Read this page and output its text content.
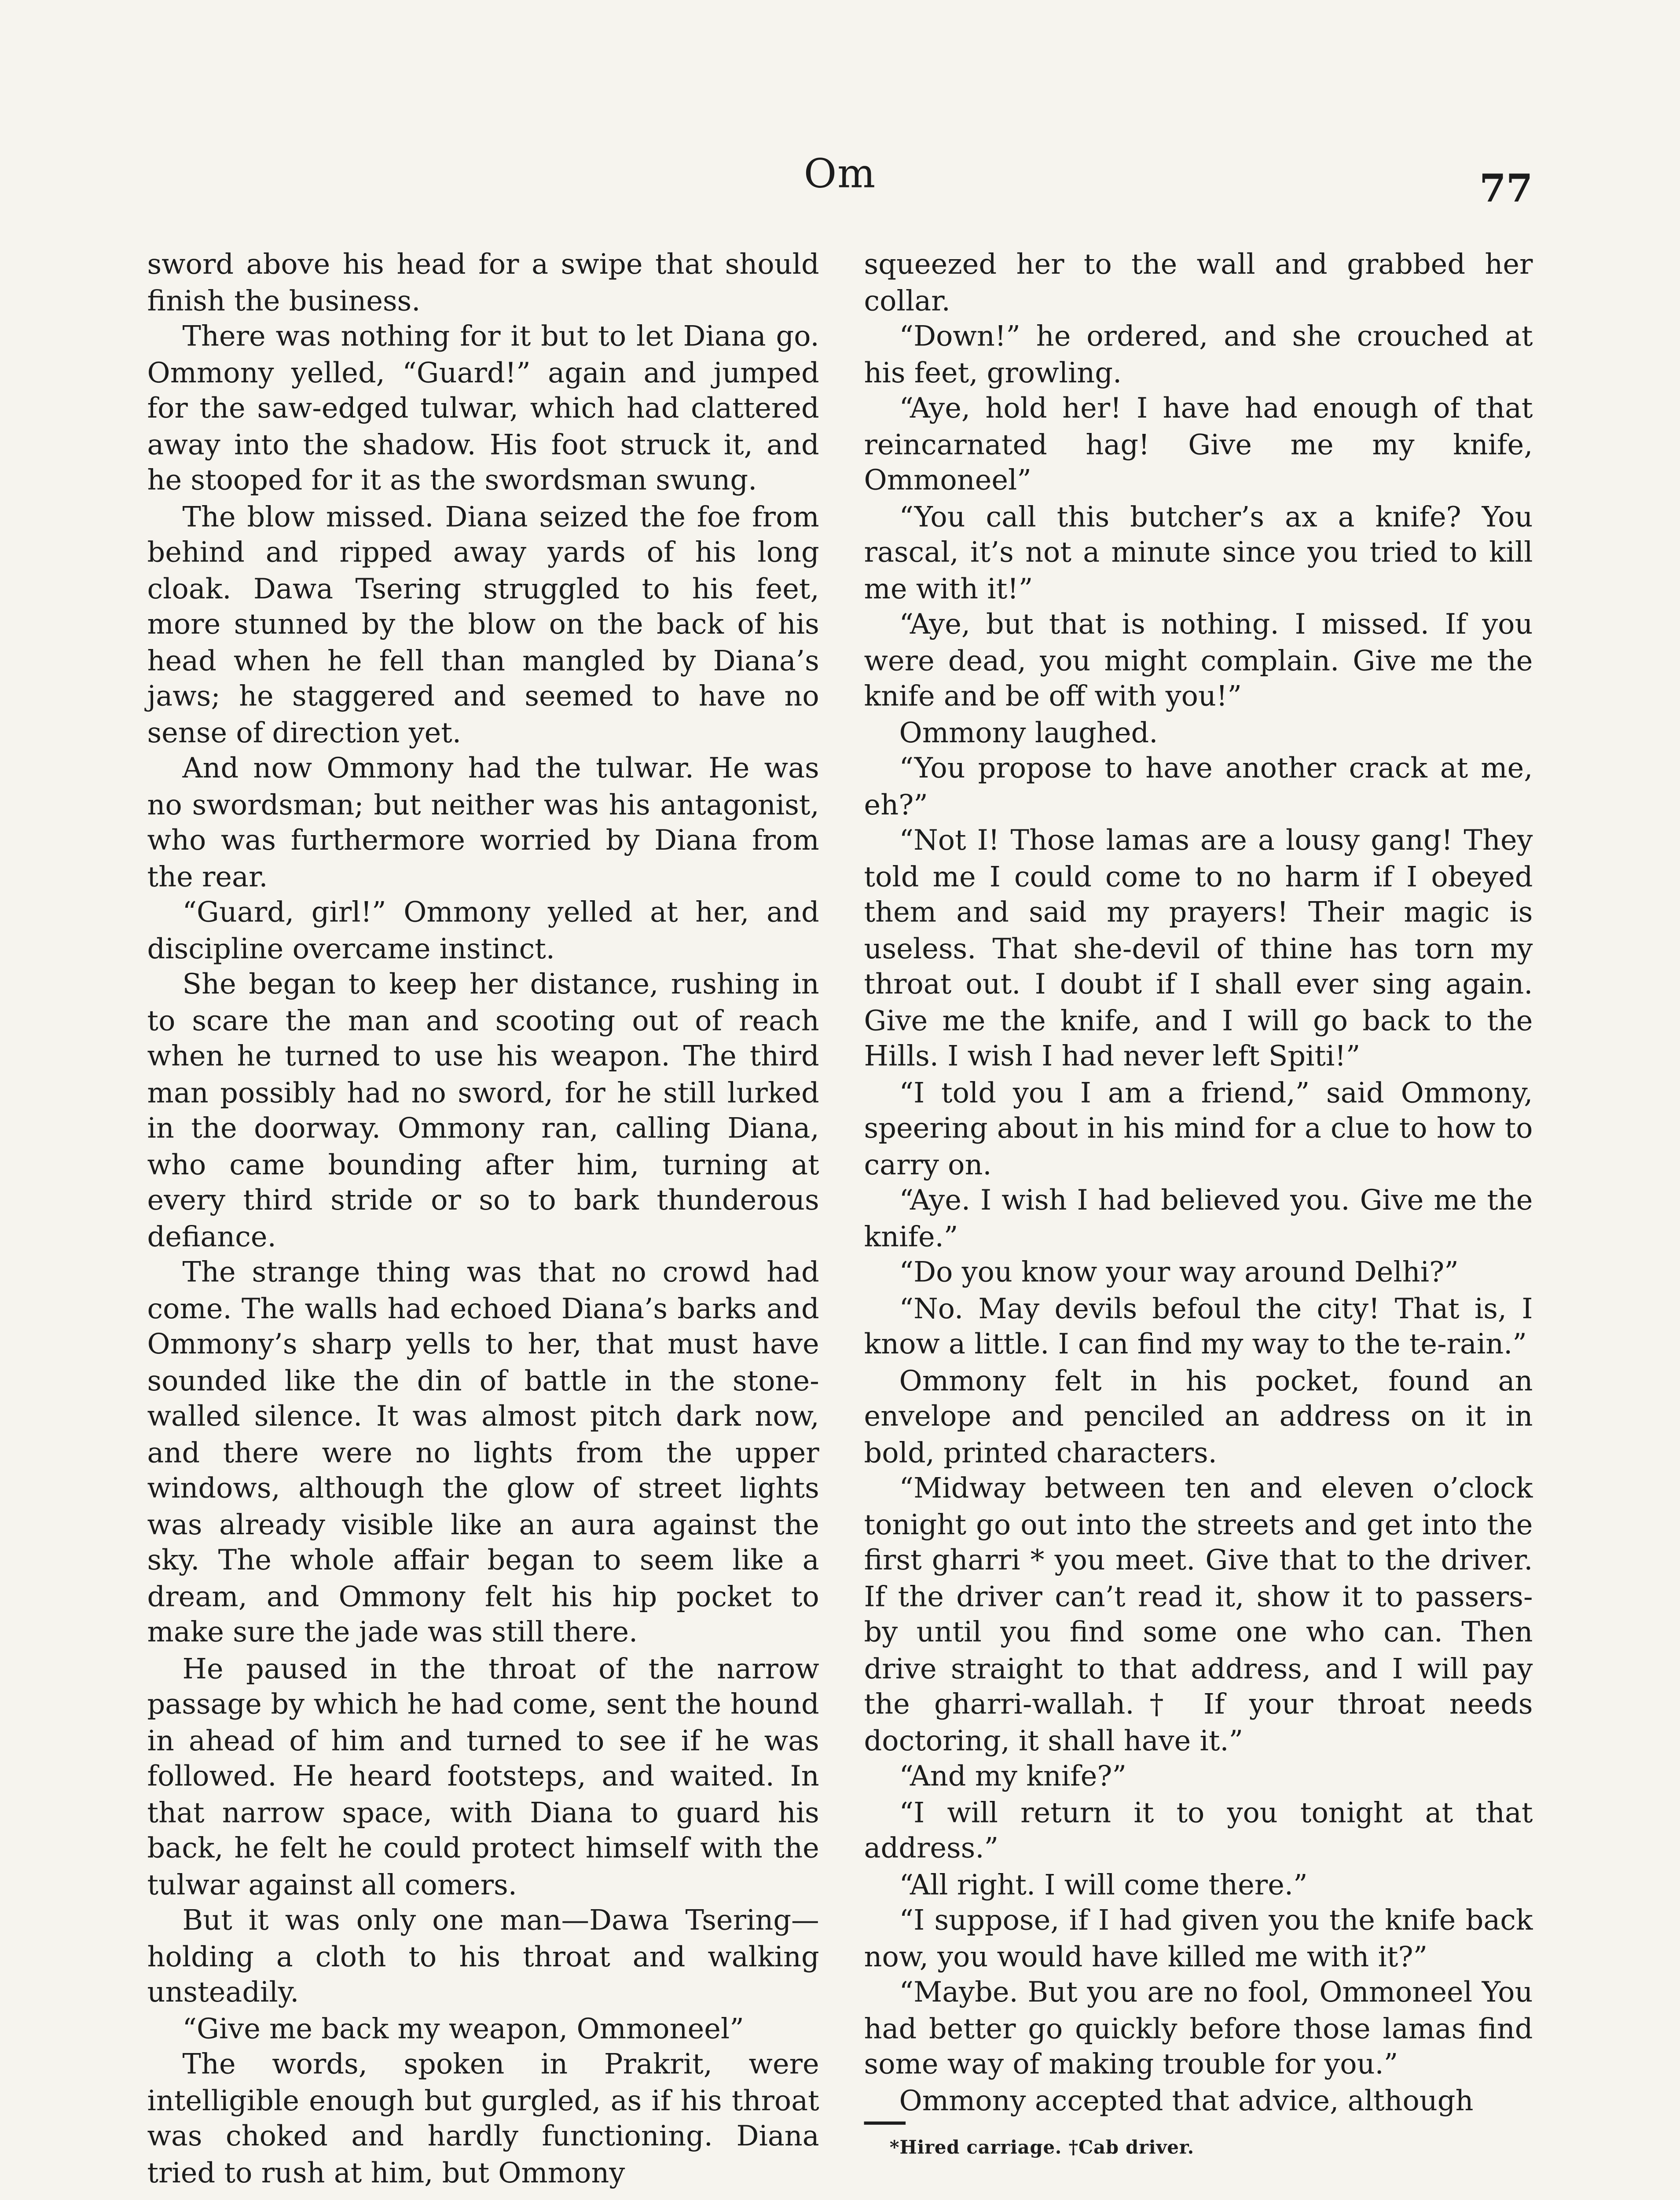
Om	77

sword above his head for a swipe that should finish the business.

There was nothing for it but to let Diana go. Ommony yelled, “Guard!” again and jumped for the saw-edged tulwar, which had clattered away into the shadow. His foot struck it, and he stooped for it as the swordsman swung.

The blow missed. Diana seized the foe from behind and ripped away yards of his long cloak. Dawa Tsering struggled to his feet, more stunned by the blow on the back of his head when he fell than mangled by Diana’s jaws; he staggered and seemed to have no sense of direction yet.

And now Ommony had the tulwar. He was no swordsman; but neither was his antagonist, who was furthermore worried by Diana from the rear.

“Guard, girl!” Ommony yelled at her, and discipline overcame instinct.

She began to keep her distance, rushing in to scare the man and scooting out of reach when he turned to use his weapon. The third man possibly had no sword, for he still lurked in the doorway. Ommony ran, calling Diana, who came bounding after him, turning at every third stride or so to bark thunderous defiance.

The strange thing was that no crowd had come. The walls had echoed Diana’s barks and Ommony’s sharp yells to her, that must have sounded like the din of battle in the stone-walled silence. It was almost pitch dark now, and there were no lights from the upper windows, although the glow of street lights was already visible like an aura against the sky. The whole affair began to seem like a dream, and Ommony felt his hip pocket to make sure the jade was still there.

He paused in the throat of the narrow passage by which he had come, sent the hound in ahead of him and turned to see if he was followed. He heard footsteps, and waited. In that narrow space, with Diana to guard his back, he felt he could protect himself with the tulwar against all comers.

But it was only one man—Dawa Tsering—holding a cloth to his throat and walking unsteadily.

“Give me back my weapon, Ommoneel”

The words, spoken in Prakrit, were intelligible enough but gurgled, as if his throat was choked and hardly functioning. Diana tried to rush at him, but Ommony

squeezed her to the wall and grabbed her collar.

“Down!” he ordered, and she crouched at his feet, growling.

“Aye, hold her! I have had enough of that reincarnated hag! Give me my knife, Ommoneel”

“You call this butcher’s ax a knife? You rascal, it’s not a minute since you tried to kill me with it!”

“Aye, but that is nothing. I missed. If you were dead, you might complain. Give me the knife and be off with you!”

Ommony laughed.

“You propose to have another crack at me, eh?”

“Not I! Those lamas are a lousy gang! They told me I could come to no harm if I obeyed them and said my prayers! Their magic is useless. That she-devil of thine has torn my throat out. I doubt if I shall ever sing again. Give me the knife, and I will go back to the Hills. I wish I had never left Spiti!”

“I told you I am a friend,” said Ommony, speering about in his mind for a clue to how to carry on.

“Aye. I wish I had believed you. Give me the knife.”

“Do you know your way around Delhi?”

“No. May devils befoul the city! That is, I know a little. I can find my way to the te-rain.”

Ommony felt in his pocket, found an envelope and penciled an address on it in bold, printed characters.

“Midway between ten and eleven o’clock tonight go out into the streets and get into the first gharri * you meet. Give that to the driver. If the driver can’t read it, show it to passers-by until you find some one who can. Then drive straight to that address, and I will pay the gharri-wallah.† If your throat needs doctoring, it shall have it.”

“And my knife?”

“I will return it to you tonight at that address.”

“All right. I will come there.”

“I suppose, if I had given you the knife back now, you would have killed me with it?”

“Maybe. But you are no fool, Ommoneel You had better go quickly before those lamas find some way of making trouble for you.”

Ommony accepted that advice, although

*Hired carriage. †Cab driver.
